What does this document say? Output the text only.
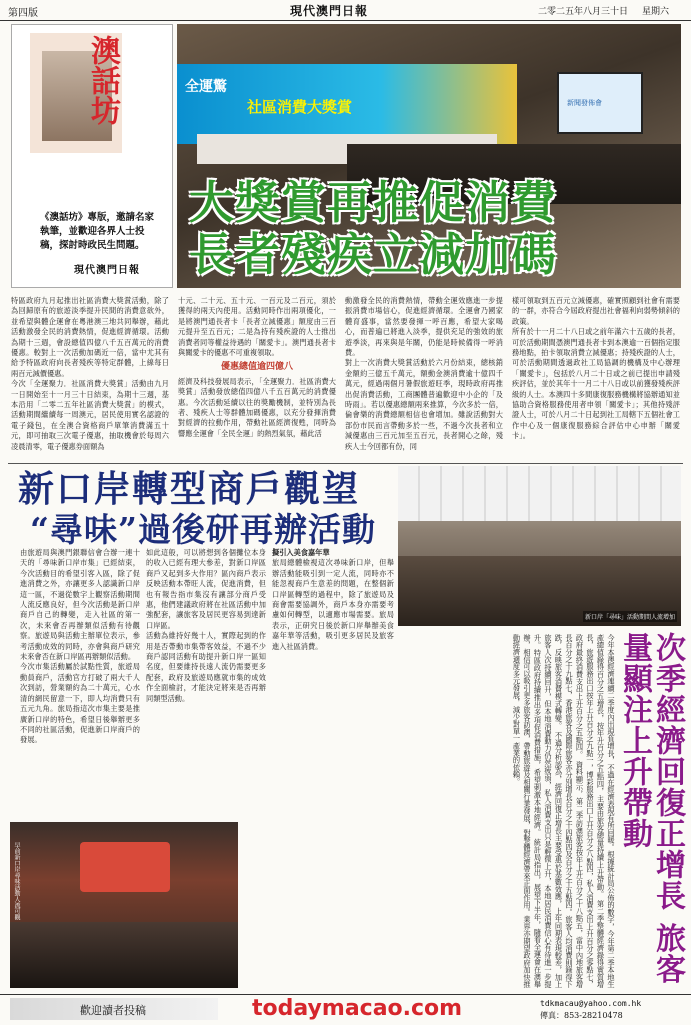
第四版	現代澳門日報	二零二五年八月三十日 星期六
澳話坊
《澳話坊》專版，邀請名家執筆，並歡迎各界人士投稿，探討時政民生問題。
現代澳門日報
全運驚
社區消費大獎賞	新聞發佈會
大獎賞再推促消費
長者殘疾立減加碼
特區政府九月起推出社區消費大獎賞活動，除了為回歸原有的旅遊淡季提升民間的消費意欲外，並希望與體企運會在粵港澳三地共同舉辦，藉此活動激發全民的消費熱情，促進經濟循環。活動為期十三週，會設總值四億八千五百萬元的消費優惠。較對上一次活動加碼近一倍，當中尤其有給予特區政府向長者殘疾等特定群體，上線每日兩百元減價優惠。
今次「全運聚力．社區消費大獎賞」活動由九月一日開始至十一月三十日結束，為期十三週，基本沿用「二零二五年社區消費大獎賞」的模式，活動期間繼續每一周澳元，居民使用實名認證的電子錢包，在全澳合資格商戶單筆消費滿五十元，即可抽取三次電子優惠，抽取機會於每周六凌晨清零，電子優惠券面額為
十元、二十元、五十元、一百元及二百元，須於獲得的兩天內使用。活動同時作出兩項優化，一是將澳門通長者卡「長者立減優惠」額度由三百元提升至五百元；二是為持有殘疾證的人士推出消費者同等權益待遇的「關愛卡」。澳門通長者卡與關愛卡的優惠不可重複領取。
優惠總值逾四億八
經濟及科技發展局表示，「全運聚力．社區消費大獎賞」活動發放總值四億八千五百萬元的消費優惠。今次活動延續以往的獎勵機制，並特別為長者、殘疾人士等群體加碼優惠，以充分發揮消費對經濟的拉動作用，帶動社區經濟復甦，同時為響應全運會「全民全運」的熱烈氣氛，藉此活
動激發全民的消費熱情，帶動全運效應進一步提振消費市場信心，促進經濟循環。全運會乃國家體育盛事，當然要發揮一呼百應，希望大家喝心，而普遍已將進入淡季，提供充足的強效的旅遊季淡，再來與是年關，仍能是時候備得一呼消費。
對上一次消費大獎賞活動於六月份結束，總核銷金額約三億五千萬元，額動金澳消費逾十億四千萬元，經過兩個月暑假旅遊旺季，現時政府再推出促消費活動，工商團體普遍歡迎中小企的「及時雨」。若以優惠總額兩來推算，今次多於一倍，倫會樂的消費總額相信也會增加。雖說活動對大部份市民而言帶動多於一些，不過今次長者和立減優惠由三百元加至五百元，長者開心之餘，殘疾人士今回都有份，同
樣可領取到五百元立減優惠，確實照顧到社會有需要的一群，亦符合今屆政府提出社會福利向弱勢傾斜的政策。
所有於十一月二十八日或之前年滿六十五歲的長者，可於活動期間憑澳門通長者卡到本澳逾一百個指定服務地點，拍卡領取消費立減優惠；持殘疾證的人士，可於活動期間透過政社工局協調的機構及中心辦理「關愛卡」，包括於八月二十日或之前已提出申請殘疾評估，並於其年十一月二十八日或以前獲發殘疾評級的人士。本澳四十多間康復服務機構將協辦通知並協助合資格服務使用者申領「關愛卡」；其他持殘評證人士，可於八月二十日起到社工局轄下五個社會工作中心及一個康復服務綜合評估中心申辦「關愛卡」。
新口岸轉型商戶觀望
“尋味”過後研再辦活動
新口岸「尋味」活動期間人流增加
由旅遊局與澳門銀聯信會合辦一連十天的「尋味新口岸市集」已經結束，今次活動目的希望引客入區，除了促進消費之外，亦讓更多人認識新口岸這一區，不過從數字上觀察活動期間人流反應良好，但今次活動是新口岸商戶自己的轉變，走入社區的第一次，未來會否再辦類似活動有待觀察。旅遊局與活動主辦單位表示，參考活動成效的同時，亦會與商戶研究未來會否在新口岸區再辦類似活動。
今次市集活動屬於試點性質，旅遊局動員商戶，活動官方打破了兩大千人次到訪，營業額約為二十萬元，心水清的網民留意一下，即人均消費只有五元九角。旅局指這次市集主要是推廣新口岸的特色，希望日後舉辦更多不同的社區活動，促進新口岸商戶的發展。
如此這般，可以將想到各個攤位本身的收入已經有理大參差，對新口岸區商戶又起到多大作用？區內商戶表示反映活動本帶旺人流，促進消費，但也有報告指市集沒有讓部分商戶受惠，他們建議政府將在社區活動中加強配套，讓旅客及居民更容易到達新口岸區。
活動為維持好幾十人，實際起到的作用是否帶動市集帶客效益，不過不少商戶認同活動有助提升新口岸一區知名度，但要維持長遠人流仍需要更多配套，政府及旅遊局應就市集的成效作全面檢討，才能決定將來是否再辦同類型活動。
擬引入美食嘉年華
旅局總體檢視這次尋味新口岸，但舉辦活動能吸引到一定人流，同時亦不能忽視商戶生意差的問題，在整個新口岸區轉型的過程中，除了旅遊局及商會需要協調外，商戶本身亦需要考慮如何轉型，以適應市場需要。旅局表示，正研究日後於新口岸舉辦美食嘉年華等活動，吸引更多居民及旅客進入社區消費。
早前新口岸尋味活動人流可觀	今年本澳經濟連續二季度內出現負增長，不過在經濟表現有所回暖。根據統計局公佈的數字，今年第二季本地生產總值錄得百分之五增長，按年升百分之五點四，主要由旅客總量持續上升帶動。 第二季整體經濟錄得實質增長，旅遊服務出口按年上升百分之九點一，博彩服務出口上升百分之八點四，私人消費支出上升百分之零點七，政府最終消費支出上升百分之五點四。 資料顯示，第二季訪澳旅客按年上升百分之十八點五，當中內地旅客增長百分之十九點七，香港旅客及國際旅客亦分別增長百分之十四點四及百分之十五點四。旅客人均消費則錄得下跌，反映旅客消費模式轉變。 不過分析認為，經濟回復正增長主要受惠於基數效應，上年同期表現較差，加上旅客人次持續回升，但本地消費動力仍然疲弱，私人消費支出只是輕微上升，本地居民消費信心有待進一步提升。特區政府持續推出多項促消費措施，希望刺激本地經濟。 統計局指出，展望下半年，隨着全運會在澳舉辦，相信可以吸引更多旅客訪澳，帶動旅遊及相關行業發展，對整體經濟帶來正面作用。業界亦期望政府加快推動經濟適度多元發展，減少對單一產業的依賴。	次季經濟回復正增長 旅客量顯注上升帶動
歡迎讀者投稿	todaymacao.com	tdkmacau@yahoo.com.hk
傳真：853-28210478
